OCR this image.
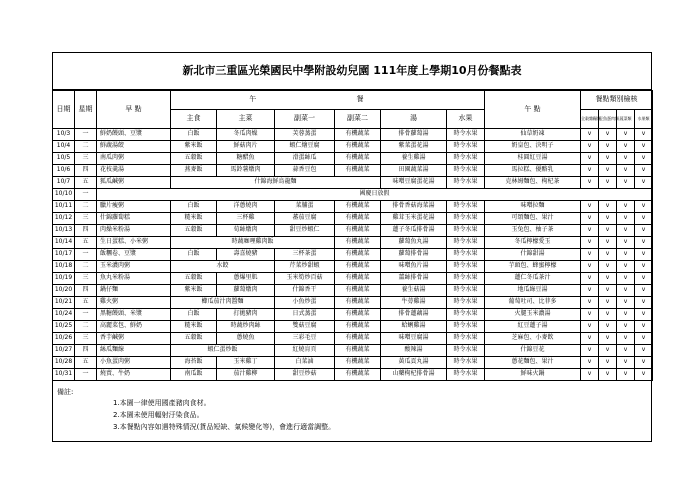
新北市三重區光榮國民中學附設幼兒園 111年度上學期10月份餐點表
日期	星期	早 點	午			餐			午 點	餐點類別檢核			
			主食	主菜	副菜一	副菜二	湯	水果		全穀雜糧類	豆魚蛋肉類	蔬菜類	水果類
10/3	一	鮮奶饅頭、豆漿	白飯	冬瓜肉燥	芙蓉蒸蛋	有機蔬菜	排骨蘿蔔湯	時令水果	仙草奶凍	v	v	v	v
10/4	二	鮮蔬湯餃	紫米飯	鮮菇肉片	蝦仁燴豆腐	有機蔬菜	紫菜蛋花湯	時令水果	奶皇包、決明子	v	v	v	v
10/5	三	南瓜肉粥	五穀飯	糖醋魚	滑蛋絲瓜	有機蔬菜	養生雞湯	時令水果	桂圓紅豆湯	v	v	v	v
10/6	四	花枝羹湯	燕麥飯	馬鈴薯燉肉	蒜香豆包	有機蔬菜	田園蔬菜湯	時令水果	馬拉糕、優酪乳	v	v	v	v
10/7	五	狐瓜鹹粥	什錦海鮮烏龍麵				味噌豆腐蛋花湯	時令水果	克林姆麵包、枸杞茶	v	v	v	v
10/10	一	國慶日放假											
10/11	二	臘片瘦粥	白飯	洋蔥燒肉	菜脯蛋	有機蔬菜	排骨香菇海菜湯	時令水果	味噌拉麵	v	v	v	v
10/12	三	什錦蘿蔔糕	糙米飯	三杯雞	蕃茄豆腐	有機蔬菜	雞茸玉米蛋花湯	時令水果	可頌麵包、果汁	v	v	v	v
10/13	四	肉燥米粉湯	五穀飯	荀絲燉肉	甜豆炒蝦仁	有機蔬菜	蓮子冬瓜排骨湯	時令水果	玉兔包、柚子茶	v	v	v	v
10/14	五	生日蛋糕、小米粥	時蔬咖哩雞肉飯			有機蔬菜	蘿蔔魚丸湯	時令水果	冬瓜檸檬愛玉	v	v	v	v
10/17	一	飯糰卷、豆漿	白飯	壽喜燒豬	三杯茶蛋	有機蔬菜	蘿蔔排骨湯	時令水果	什錦甜湯	v	v	v	v
10/18	二	玉米濃肉粥	水餃		芹菜炒甜蝦	有機蔬菜	味噌魚片湯	時令水果	芋頭包、蜂蜜檸檬	v	v	v	v
10/19	三	魚丸米粉湯	五穀飯	蔥爆里肌	玉米筍炒百菇	有機蔬菜	薑絲排骨湯	時令水果	蓮仁冬瓜茶汁	v	v	v	v
10/20	四	鍋仔麵	紫米飯	蘿蔔燉肉	什錦香干	有機蔬菜	養生菇湯	時令水果	地瓜綠豆湯	v	v	v	v
10/21	五	雞火粥	櫛瓜茄汁肉醬麵		小魚炒蛋	有機蔬菜	牛蒡雞湯	時令水果	葡萄吐司、比菲多	v	v	v	v
10/24	一	黑糖饅頭、米漿	白飯	打拋豬肉	日式蒸蛋	有機蔬菜	排骨蓮藕湯	時令水果	火腿玉米濃湯	v	v	v	v
10/25	二	高麗菜包、鮮奶	糙米飯	時蔬炒肉絲	雙菇豆腐	有機蔬菜	蛤蜊雞湯	時令水果	紅豆蓮子湯	v	v	v	v
10/26	三	香芋鹹粥	五穀飯	蔥燒魚	三彩毛豆	有機蔬菜	味噌豆腐湯	時令水果	芝麻包、小麥飲	v	v	v	v
10/27	四	絲瓜麵線	蝦仁蛋炒飯		紅燒肓頁	有機蔬菜	酸辣湯	時令水果	什錦豆花	v	v	v	v
10/28	五	小魚蛋肉粥	海苔飯	玉米雞丁	白菜滷	有機蔬菜	黃瓜貢丸湯	時令水果	蔥花麵包、果汁	v	v	v	v
10/31	一	燒賣、牛奶	南瓜飯	茄汁雞柳	甜豆炒菇	有機蔬菜	山藥枸杞排骨湯	時令水果	鮮味火鍋	v	v	v	v
備註:
1.本園一律使用國產豬肉食材。
2.本園未使用輻射汙染食品。
3.本餐點內容如遇特殊情況(貨品短缺、氣候變化等)，會進行適當調整。
